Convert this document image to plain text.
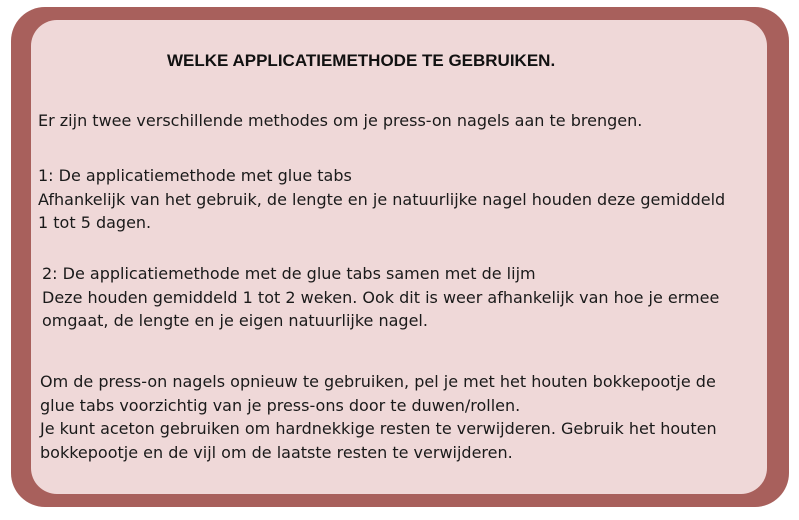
WELKE APPLICATIEMETHODE TE GEBRUIKEN.

Er zijn twee verschillende methodes om je press-on nagels aan te brengen.

1: De applicatiemethode met glue tabs
Afhankelijk van het gebruik, de lengte en je natuurlijke nagel houden deze gemiddeld
1 tot 5 dagen.

2: De applicatiemethode met de glue tabs samen met de lijm
Deze houden gemiddeld 1 tot 2 weken. Ook dit is weer afhankelijk van hoe je ermee
omgaat, de lengte en je eigen natuurlijke nagel.

Om de press-on nagels opnieuw te gebruiken, pel je met het houten bokkepootje de
glue tabs voorzichtig van je press-ons door te duwen/rollen.
Je kunt aceton gebruiken om hardnekkige resten te verwijderen. Gebruik het houten
bokkepootje en de vijl om de laatste resten te verwijderen.
